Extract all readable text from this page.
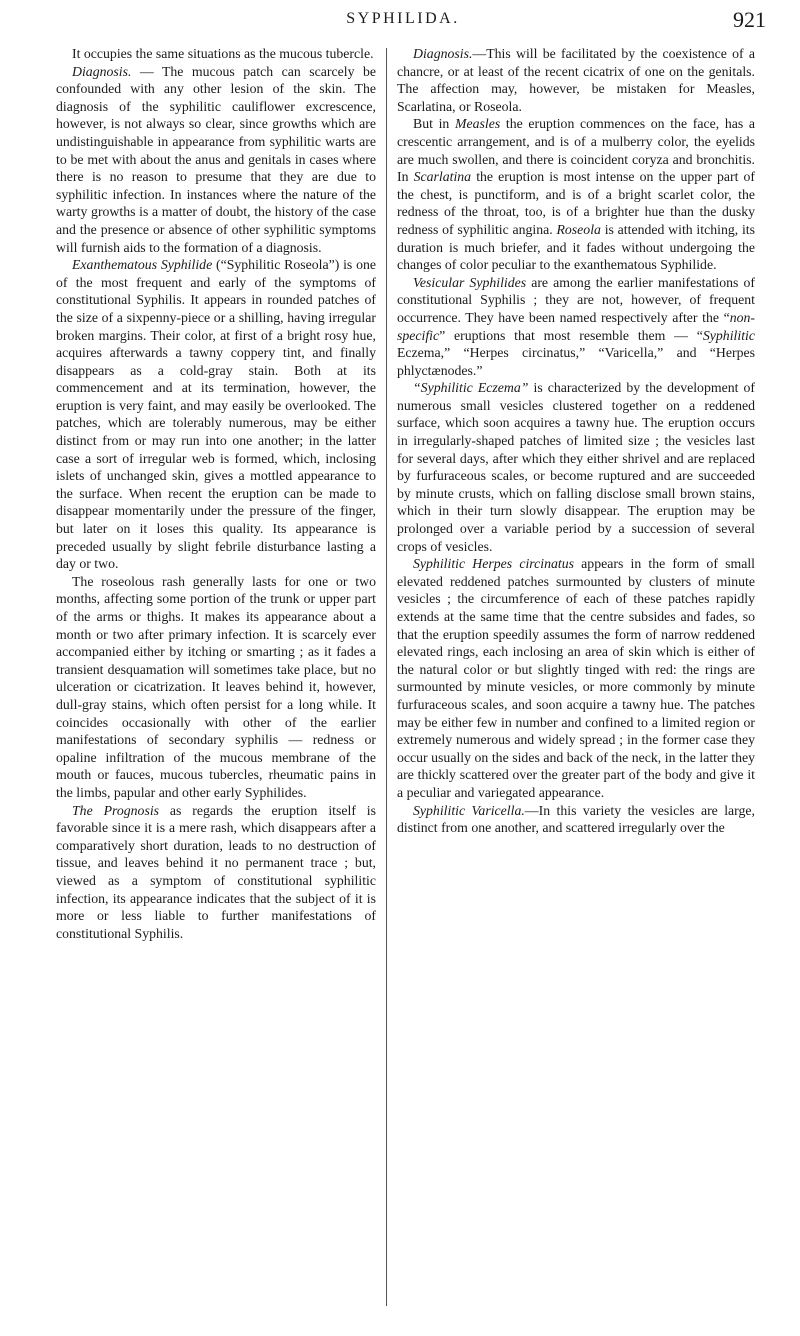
SYPHILIDA.	921

It occupies the same situations as the mucous tubercle.

Diagnosis. — The mucous patch can scarcely be confounded with any other lesion of the skin. The diagnosis of the syphilitic cauliflower excrescence, however, is not always so clear, since growths which are undistinguishable in appearance from syphilitic warts are to be met with about the anus and genitals in cases where there is no reason to presume that they are due to syphilitic infection. In instances where the nature of the warty growths is a matter of doubt, the history of the case and the presence or absence of other syphilitic symptoms will furnish aids to the formation of a diagnosis.

Exanthematous Syphilide (“Syphilitic Roseola”) is one of the most frequent and early of the symptoms of constitutional Syphilis. It appears in rounded patches of the size of a sixpenny-piece or a shilling, having irregular broken margins. Their color, at first of a bright rosy hue, acquires afterwards a tawny coppery tint, and finally disappears as a cold-gray stain. Both at its commencement and at its termination, however, the eruption is very faint, and may easily be overlooked. The patches, which are tolerably numerous, may be either distinct from or may run into one another; in the latter case a sort of irregular web is formed, which, inclosing islets of unchanged skin, gives a mottled appearance to the surface. When recent the eruption can be made to disappear momentarily under the pressure of the finger, but later on it loses this quality. Its appearance is preceded usually by slight febrile disturbance lasting a day or two.

The roseolous rash generally lasts for one or two months, affecting some portion of the trunk or upper part of the arms or thighs. It makes its appearance about a month or two after primary infection. It is scarcely ever accompanied either by itching or smarting ; as it fades a transient desquamation will sometimes take place, but no ulceration or cicatrization. It leaves behind it, however, dull-gray stains, which often persist for a long while. It coincides occasionally with other of the earlier manifestations of secondary syphilis — redness or opaline infiltration of the mucous membrane of the mouth or fauces, mucous tubercles, rheumatic pains in the limbs, papular and other early Syphilides.

The Prognosis as regards the eruption itself is favorable since it is a mere rash, which disappears after a comparatively short duration, leads to no destruction of tissue, and leaves behind it no permanent trace ; but, viewed as a symptom of constitutional syphilitic infection, its appearance indicates that the subject of it is more or less liable to further manifestations of constitutional Syphilis.

Diagnosis.—This will be facilitated by the coexistence of a chancre, or at least of the recent cicatrix of one on the genitals. The affection may, however, be mistaken for Measles, Scarlatina, or Roseola.

But in Measles the eruption commences on the face, has a crescentic arrangement, and is of a mulberry color, the eyelids are much swollen, and there is coincident coryza and bronchitis. In Scarlatina the eruption is most intense on the upper part of the chest, is punctiform, and is of a bright scarlet color, the redness of the throat, too, is of a brighter hue than the dusky redness of syphilitic angina. Roseola is attended with itching, its duration is much briefer, and it fades without undergoing the changes of color peculiar to the exanthematous Syphilide.

Vesicular Syphilides are among the earlier manifestations of constitutional Syphilis ; they are not, however, of frequent occurrence. They have been named respectively after the “non-specific” eruptions that most resemble them — “Syphilitic Eczema,” “Herpes circinatus,” “Varicella,” and “Herpes phlyctænodes.”

“Syphilitic Eczema” is characterized by the development of numerous small vesicles clustered together on a reddened surface, which soon acquires a tawny hue. The eruption occurs in irregularly-shaped patches of limited size ; the vesicles last for several days, after which they either shrivel and are replaced by furfuraceous scales, or become ruptured and are succeeded by minute crusts, which on falling disclose small brown stains, which in their turn slowly disappear. The eruption may be prolonged over a variable period by a succession of several crops of vesicles.

Syphilitic Herpes circinatus appears in the form of small elevated reddened patches surmounted by clusters of minute vesicles ; the circumference of each of these patches rapidly extends at the same time that the centre subsides and fades, so that the eruption speedily assumes the form of narrow reddened elevated rings, each inclosing an area of skin which is either of the natural color or but slightly tinged with red: the rings are surmounted by minute vesicles, or more commonly by minute furfuraceous scales, and soon acquire a tawny hue. The patches may be either few in number and confined to a limited region or extremely numerous and widely spread ; in the former case they occur usually on the sides and back of the neck, in the latter they are thickly scattered over the greater part of the body and give it a peculiar and variegated appearance.

Syphilitic Varicella.—In this variety the vesicles are large, distinct from one another, and scattered irregularly over the
